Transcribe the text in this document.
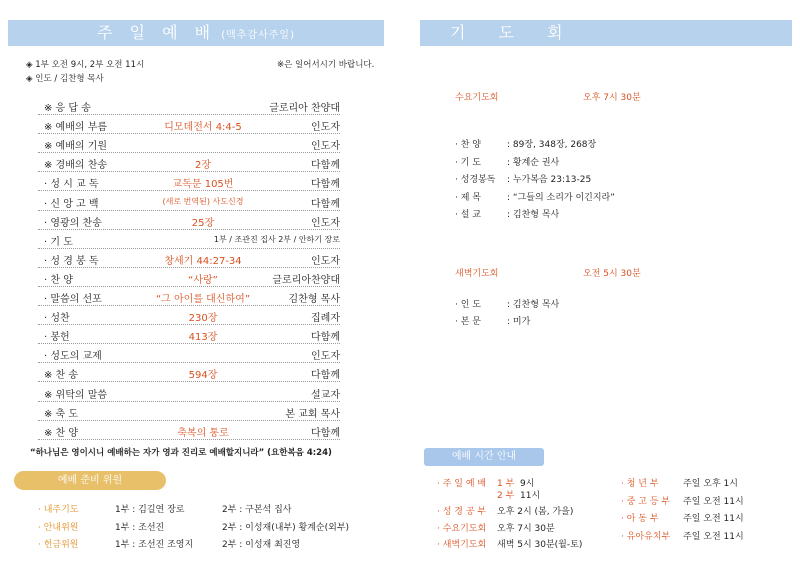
주 일 예 배 (맥추감사주일)
◈ 1부 오전 9시, 2부 오전 11시	※은 일어서시기 바랍니다.
◈ 인도 / 김찬형 목사
※ 응 답 송	글로리아 찬양대
※ 예배의 부름	디모데전서 4:4-5	인도자
※ 예배의 기원	인도자
※ 경배의 찬송	2장	다함께
· 성 시 교 독	교독문 105번	다함께
· 신 앙 고 백	(새로 번역된) 사도신경	다함께
· 영광의 찬송	25장	인도자
· 기 도	1부 / 조관진 집사 2부 / 안하기 장로
· 성 경 봉 독	창세기 44:27-34	인도자
· 찬 양	“사랑”	글로리아찬양대
· 말씀의 선포	“그 아이를 대신하여”	김찬형 목사
· 성찬	230장	집례자
· 봉헌	413장	다함께
· 성도의 교제	인도자
※ 찬 송	594장	다함께
※ 위탁의 말씀	설교자
※ 축 도	본 교회 목사
※ 찬 양	축복의 통로	다함께
“하나님은 영이시니 예배하는 자가 영과 진리로 예배할지니라” (요한복음 4:24)
예배 준비 위원
· 내주기도	1부 : 김길연 장로	2부 : 구본석 집사
· 안내위원	1부 : 조선진	2부 : 이성재(내부) 황계순(외부)
· 헌금위원	1부 : 조선진 조영지	2부 : 이성재 최진영
기 도 회
수요기도회	오후 7시 30분
· 찬 양	: 89장, 348장, 268장
· 기 도	: 황계순 권사
· 성경봉독 : 누가복음 23:13-25
· 제 목	: “그들의 소리가 이긴지라”
· 설 교	: 김찬형 목사
새벽기도회	오전 5시 30분
· 인 도	: 김찬형 목사
· 본 문	: 미가
예배 시간 안내
· 주 일 예 배 1 부 9시
2 부 11시
· 성 경 공 부 오후 2시 (봄, 가을)
· 수요기도회 오후 7시 30분
· 새벽기도회 새벽 5시 30분(월-토)
· 청 년 부	주일 오후 1시
· 중 고 등 부 주일 오전 11시
· 아 동 부	주일 오전 11시
· 유아유치부 주일 오전 11시
